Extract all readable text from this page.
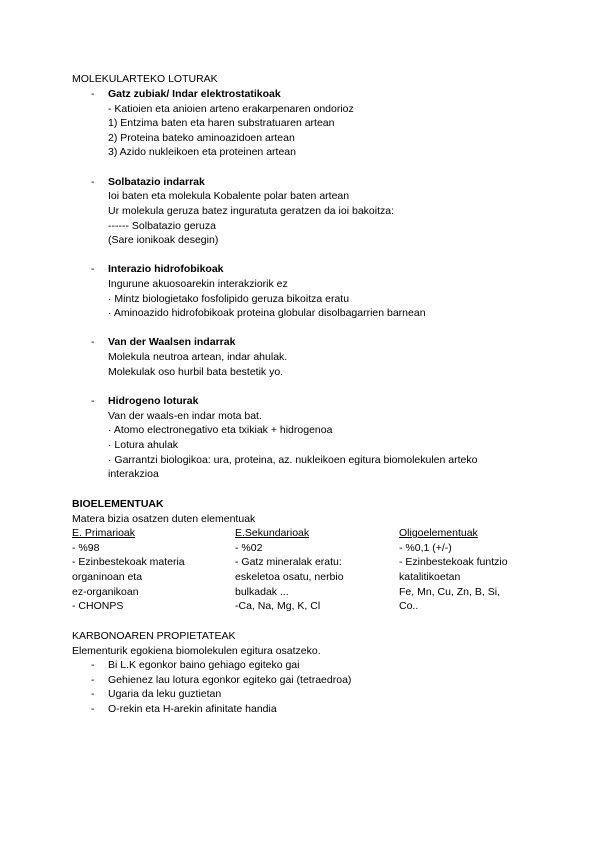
MOLEKULARTEKO LOTURAK
- Gatz zubiak/ Indar elektrostatikoak
- Katioien eta anioien arteno erakarpenaren ondorioz
1) Entzima baten eta haren substratuaren artean
2) Proteina bateko aminoazidoen artean
3) Azido nukleikoen eta proteinen artean
- Solbatazio indarrak
Ioi baten eta molekula Kobalente polar baten artean
Ur molekula geruza batez inguratuta geratzen da ioi bakoitza:
------ Solbatazio geruza
(Sare ionikoak desegin)
- Interazio hidrofobikoak
Ingurune akuosoarekin interakziorik ez
· Mintz biologietako fosfolipido geruza bikoitza eratu
· Aminoazido hidrofobikoak proteina globular disolbagarrien barnean
- Van der Waalsen indarrak
Molekula neutroa artean, indar ahulak.
Molekulak oso hurbil bata bestetik yo.
- Hidrogeno loturak
Van der waals-en indar mota bat.
· Atomo electronegativo eta txikiak + hidrogenoa
· Lotura ahulak
· Garrantzi biologikoa: ura, proteina, az. nukleikoen egitura biomolekulen arteko
interakzioa
BIOELEMENTUAK
Matera bizia osatzen duten elementuak
E. Primarioak
- %98
- Ezinbestekoak materia
organinoan eta
ez-organikoan
- CHONPS
E.Sekundarioak
- %02
- Gatz mineralak eratu:
eskeletoa osatu, nerbio
bulkadak ...
-Ca, Na, Mg, K, Cl
Oligoelementuak
- %0,1 (+/-)
- Ezinbestekoak funtzio
katalitikoetan
Fe, Mn, Cu, Zn, B, Si,
Co..
KARBONOAREN PROPIETATEAK
Elementurik egokiena biomolekulen egitura osatzeko.
- Bi L.K egonkor baino gehiago egiteko gai
- Gehienez lau lotura egonkor egiteko gai (tetraedroa)
- Ugaria da leku guztietan
- O-rekin eta H-arekin afinitate handia
